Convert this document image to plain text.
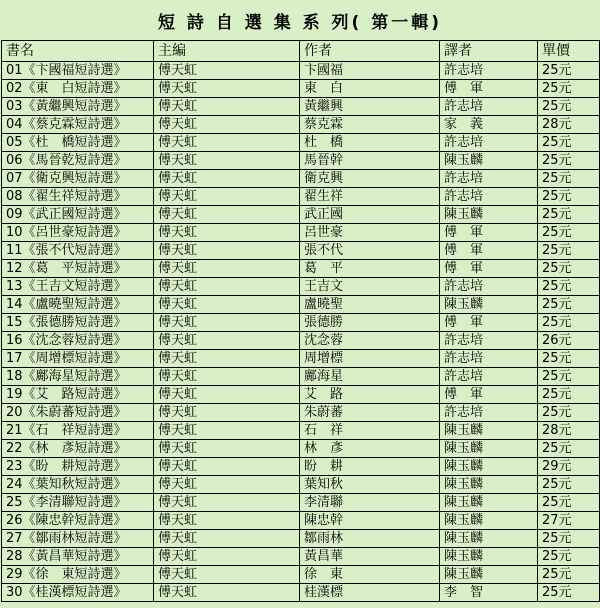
短 詩 自 選 集 系 列( 第一輯)
書名	主編	作者	譯者	單價
01《卞國福短詩選》	傅天虹	卞國福	許志培	25元
02《東　白短詩選》	傅天虹	東　白	傅　軍	25元
03《黃繼興短詩選》	傅天虹	黃繼興	許志培	25元
04《蔡克霖短詩選》	傅天虹	蔡克霖	家　義	28元
05《杜　橋短詩選》	傅天虹	杜　橋	許志培	25元
06《馬晉乾短詩選》	傅天虹	馬晉幹	陳玉麟	25元
07《衛克興短詩選》	傅天虹	衛克興	許志培	25元
08《翟生祥短詩選》	傅天虹	翟生祥	許志培	25元
09《武正國短詩選》	傅天虹	武正國	陳玉麟	25元
10《呂世豪短詩選》	傅天虹	呂世豪	傅　軍	25元
11《張不代短詩選》	傅天虹	張不代	傅　軍	25元
12《葛　平短詩選》	傅天虹	葛　平	傅　軍	25元
13《王吉文短詩選》	傅天虹	王吉文	許志培	25元
14《盧曉聖短詩選》	傅天虹	盧曉聖	陳玉麟	25元
15《張德勝短詩選》	傅天虹	張德勝	傅　軍	25元
16《沈念蓉短詩選》	傅天虹	沈念蓉	許志培	26元
17《周增標短詩選》	傅天虹	周增標	許志培	25元
18《鄺海星短詩選》	傅天虹	鄺海星	許志培	25元
19《艾　路短詩選》	傅天虹	艾　路	傅　軍	25元
20《朱蔚蕃短詩選》	傅天虹	朱蔚蕃	許志培	25元
21《石　祥短詩選》	傅天虹	石　祥	陳玉麟	28元
22《林　彥短詩選》	傅天虹	林　彥	陳玉麟	25元
23《盼　耕短詩選》	傅天虹	盼　耕	陳玉麟	29元
24《葉知秋短詩選》	傅天虹	葉知秋	陳玉麟	25元
25《李清聯短詩選》	傅天虹	李清聯	陳玉麟	25元
26《陳忠幹短詩選》	傅天虹	陳忠幹	陳玉麟	27元
27《鄒雨林短詩選》	傅天虹	鄒雨林	陳玉麟	25元
28《黃昌華短詩選》	傅天虹	黃昌華	陳玉麟	25元
29《徐　東短詩選》	傅天虹	徐　東	陳玉麟	25元
30《桂漢標短詩選》	傅天虹	桂漢標	李　智	25元
